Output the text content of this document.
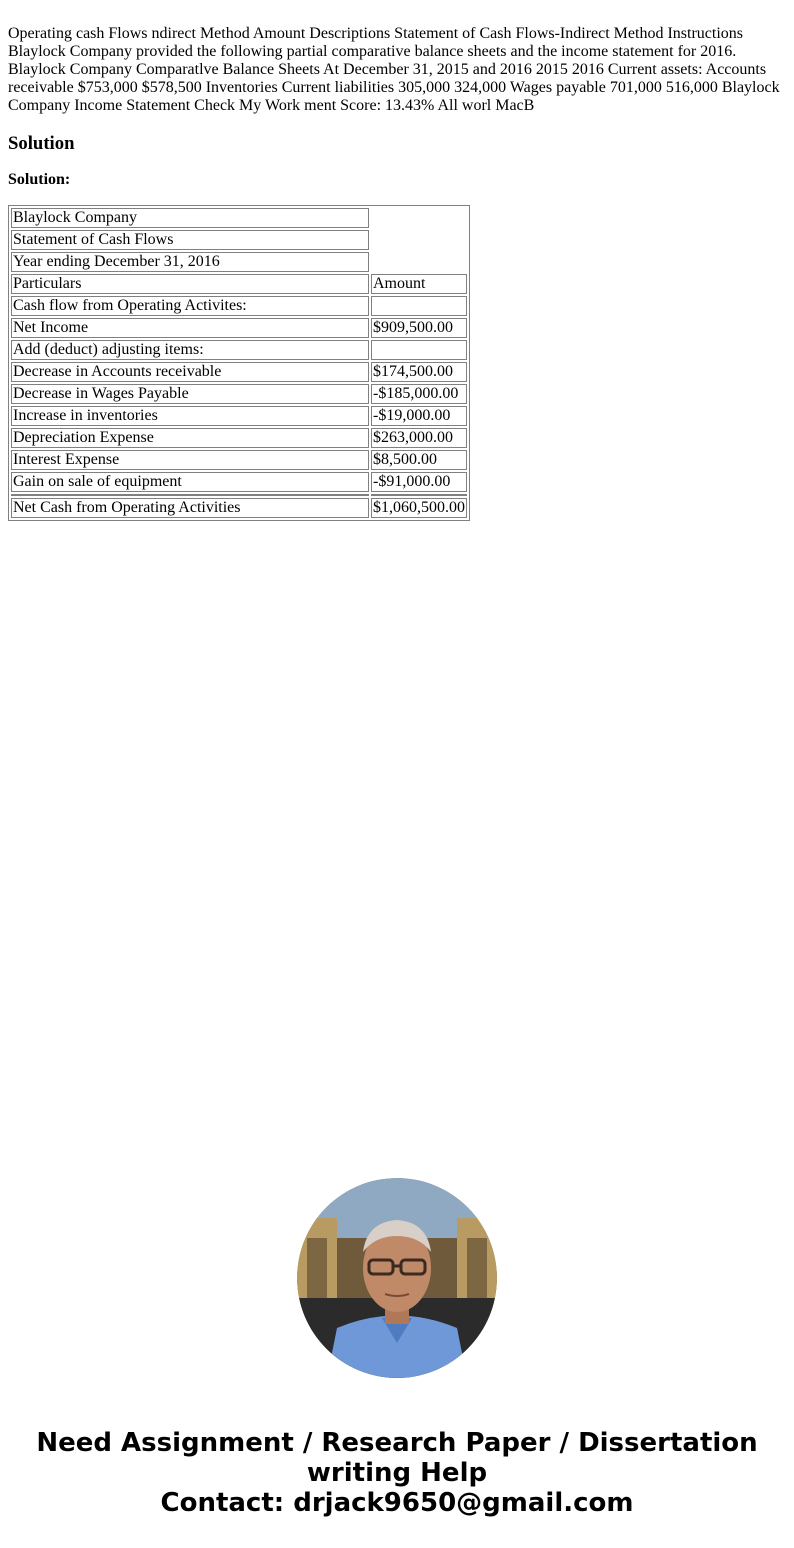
Operating cash Flows ndirect Method Amount Descriptions Statement of Cash Flows-Indirect Method Instructions Blaylock Company provided the following partial comparative balance sheets and the income statement for 2016. Blaylock Company Comparatlve Balance Sheets At December 31, 2015 and 2016 2015 2016 Current assets: Accounts receivable $753,000 $578,500 Inventories Current liabilities 305,000 324,000 Wages payable 701,000 516,000 Blaylock Company Income Statement Check My Work ment Score: 13.43% All worl MacB

Solution

Solution:

Blaylock Company	
Statement of Cash Flows	
Year ending December 31, 2016	
Particulars	Amount
Cash flow from Operating Activites:	
Net Income	$909,500.00
Add (deduct) adjusting items:	
Decrease in Accounts receivable	$174,500.00
Decrease in Wages Payable	-$185,000.00
Increase in inventories	-$19,000.00
Depreciation Expense	$263,000.00
Interest Expense	$8,500.00
Gain on sale of equipment	-$91,000.00

Net Cash from Operating Activities	$1,060,500.00
Need Assignment / Research Paper / Dissertation
writing Help
Contact: drjack9650@gmail.com
